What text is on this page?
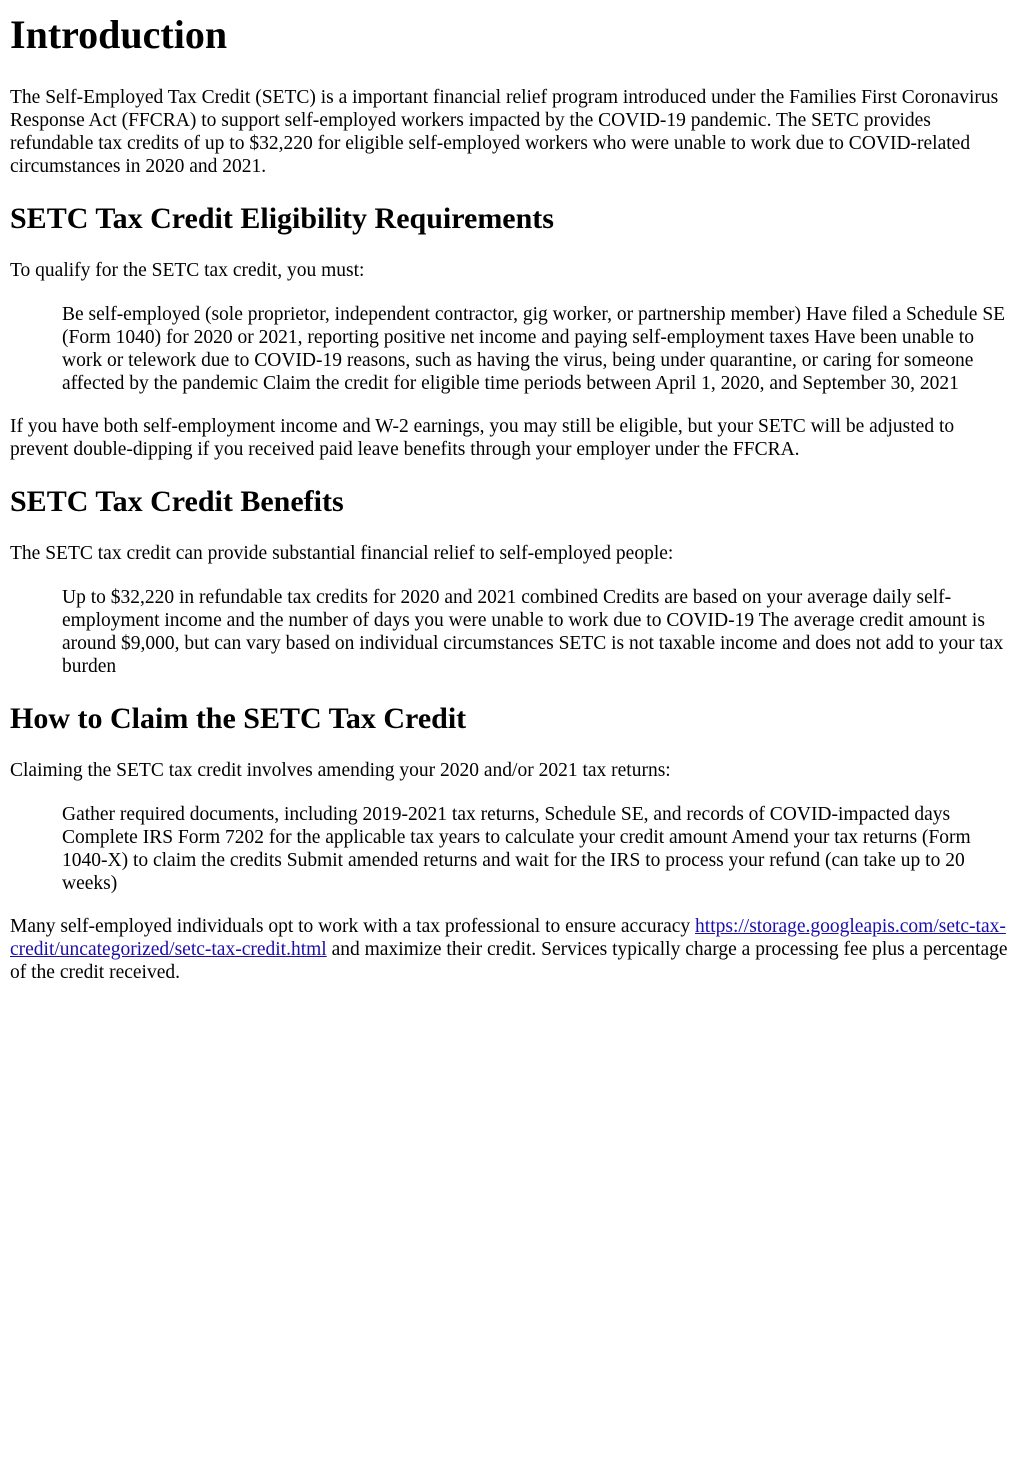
Introduction

The Self-Employed Tax Credit (SETC) is a important financial relief program introduced under the Families First Coronavirus Response Act (FFCRA) to support self-employed workers impacted by the COVID-19 pandemic. The SETC provides refundable tax credits of up to $32,220 for eligible self-employed workers who were unable to work due to COVID-related circumstances in 2020 and 2021.

SETC Tax Credit Eligibility Requirements

To qualify for the SETC tax credit, you must:

Be self-employed (sole proprietor, independent contractor, gig worker, or partnership member) Have filed a Schedule SE (Form 1040) for 2020 or 2021, reporting positive net income and paying self-employment taxes Have been unable to work or telework due to COVID-19 reasons, such as having the virus, being under quarantine, or caring for someone affected by the pandemic Claim the credit for eligible time periods between April 1, 2020, and September 30, 2021

If you have both self-employment income and W-2 earnings, you may still be eligible, but your SETC will be adjusted to prevent double-dipping if you received paid leave benefits through your employer under the FFCRA.

SETC Tax Credit Benefits

The SETC tax credit can provide substantial financial relief to self-employed people:

Up to $32,220 in refundable tax credits for 2020 and 2021 combined Credits are based on your average daily self-employment income and the number of days you were unable to work due to COVID-19 The average credit amount is around $9,000, but can vary based on individual circumstances SETC is not taxable income and does not add to your tax burden
How to Claim the SETC Tax Credit

Claiming the SETC tax credit involves amending your 2020 and/or 2021 tax returns:

Gather required documents, including 2019-2021 tax returns, Schedule SE, and records of COVID-impacted days Complete IRS Form 7202 for the applicable tax years to calculate your credit amount Amend your tax returns (Form 1040-X) to claim the credits Submit amended returns and wait for the IRS to process your refund (can take up to 20 weeks)

Many self-employed individuals opt to work with a tax professional to ensure accuracy https://storage.googleapis.com/setc-tax-credit/uncategorized/setc-tax-credit.html and maximize their credit. Services typically charge a processing fee plus a percentage of the credit received.
